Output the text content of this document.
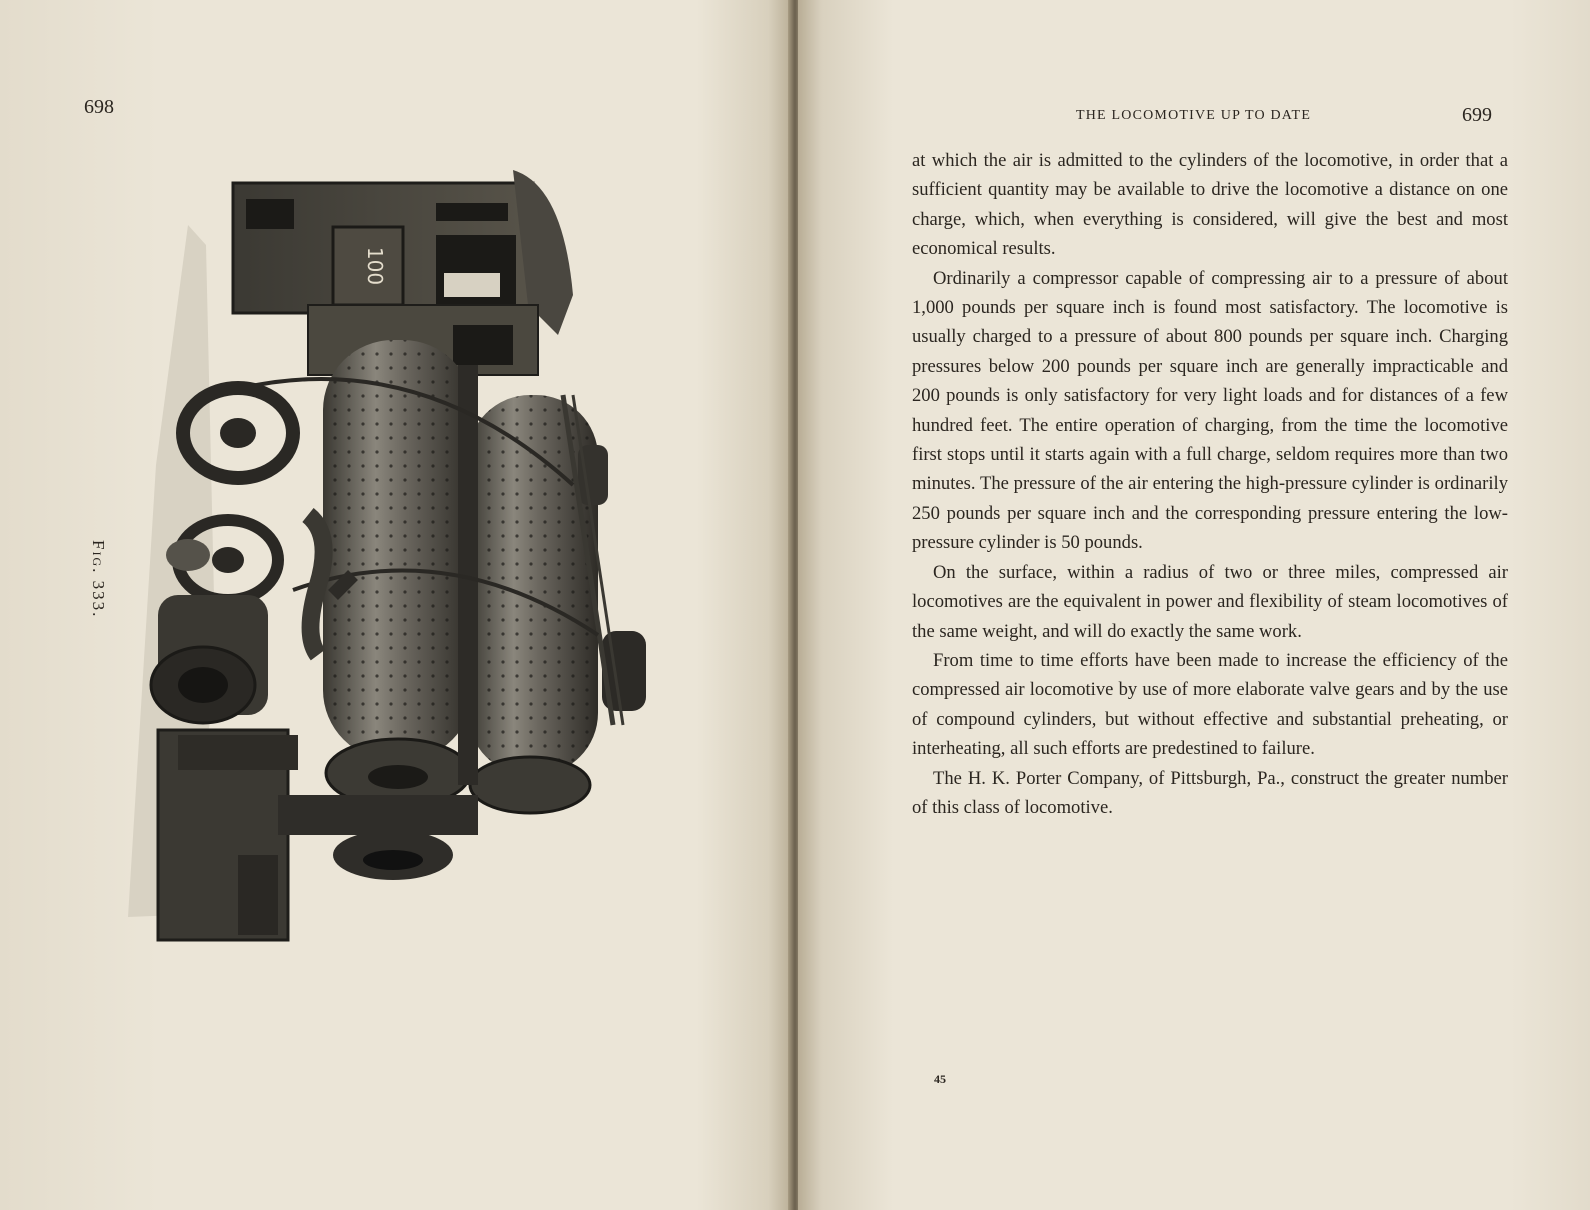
698
100
Fig. 333.
THE LOCOMOTIVE UP TO DATE	699

at which the air is admitted to the cylinders of the locomotive, in order that a sufficient quantity may be available to drive the locomotive a distance on one charge, which, when everything is considered, will give the best and most economical results.

Ordinarily a compressor capable of compressing air to a pressure of about 1,000 pounds per square inch is found most satisfactory. The locomotive is usually charged to a pressure of about 800 pounds per square inch. Charging pressures below 200 pounds per square inch are generally impracticable and 200 pounds is only satisfactory for very light loads and for distances of a few hundred feet. The entire operation of charging, from the time the locomotive first stops until it starts again with a full charge, seldom requires more than two minutes. The pressure of the air entering the high-pressure cylinder is ordinarily 250 pounds per square inch and the corresponding pressure entering the low-pressure cylinder is 50 pounds.

On the surface, within a radius of two or three miles, compressed air locomotives are the equivalent in power and flexibility of steam locomotives of the same weight, and will do exactly the same work.

From time to time efforts have been made to increase the efficiency of the compressed air locomotive by use of more elaborate valve gears and by the use of compound cylinders, but without effective and substantial preheating, or interheating, all such efforts are predestined to failure.

The H. K. Porter Company, of Pittsburgh, Pa., construct the greater number of this class of locomotive.

45
